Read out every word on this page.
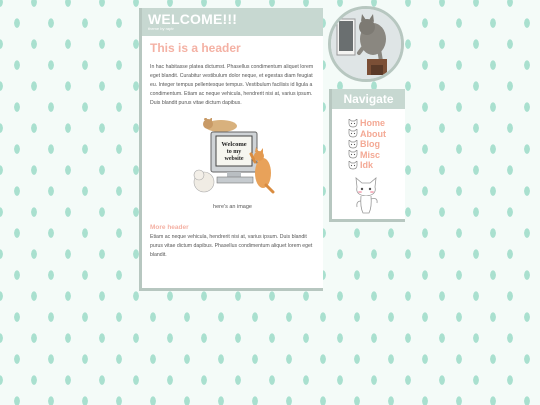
WELCOME!!!
theme by raptr
This is a header
In hac habitasse platea dictumst. Phasellus condimentum aliquet lorem eget blandit. Curabitur vestibulum dolor neque, et egestas diam feugiat eu. Integer tempus pellentesque tempus. Vestibulum facilisis id ligula a condimentum. Etiam ac neque vehicula, hendrerit nisi at, varius ipsum. Duis blandit purus vitae dictum dapibus.
Welcome
to my
website
here's an image
More header
Etiam ac neque vehicula, hendrerit nisi at, varius ipsum. Duis blandit purus vitae dictum dapibus. Phasellus condimentum aliquet lorem eget blandit.
Navigate
Home
About
Blog
Misc
Idk
